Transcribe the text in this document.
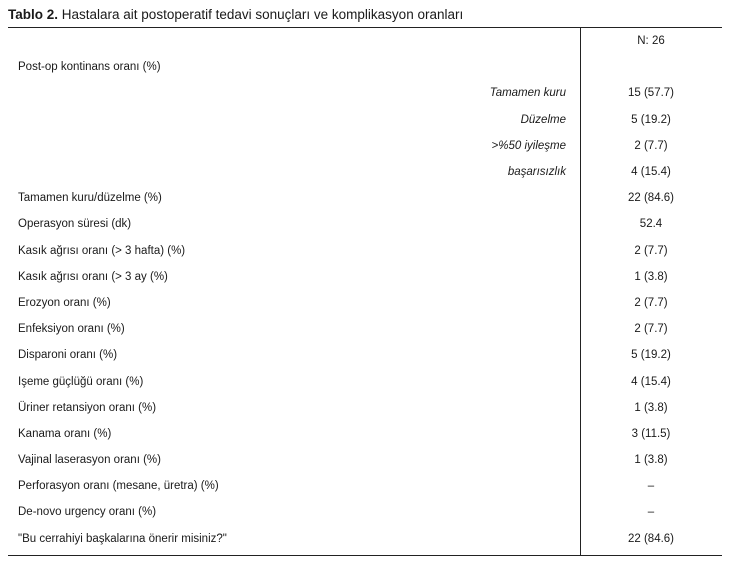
Tablo 2. Hastalara ait postoperatif tedavi sonuçları ve komplikasyon oranları
N: 26
Post-op kontinans oranı (%)
Tamamen kuru	15 (57.7)
Düzelme	5 (19.2)
>%50 iyileşme	2 (7.7)
başarısızlık	4 (15.4)
Tamamen kuru/düzelme (%)	22 (84.6)
Operasyon süresi (dk)	52.4
Kasık ağrısı oranı (> 3 hafta) (%)	2 (7.7)
Kasık ağrısı oranı (> 3 ay (%)	1 (3.8)
Erozyon oranı (%)	2 (7.7)
Enfeksiyon oranı (%)	2 (7.7)
Disparoni oranı (%)	5 (19.2)
Işeme güçlüğü oranı (%)	4 (15.4)
Üriner retansiyon oranı (%)	1 (3.8)
Kanama oranı (%)	3 (11.5)
Vajinal laserasyon oranı (%)	1 (3.8)
Perforasyon oranı (mesane, üretra) (%)	–
De-novo urgency oranı (%)	–
"Bu cerrahiyi başkalarına önerir misiniz?"	22 (84.6)
